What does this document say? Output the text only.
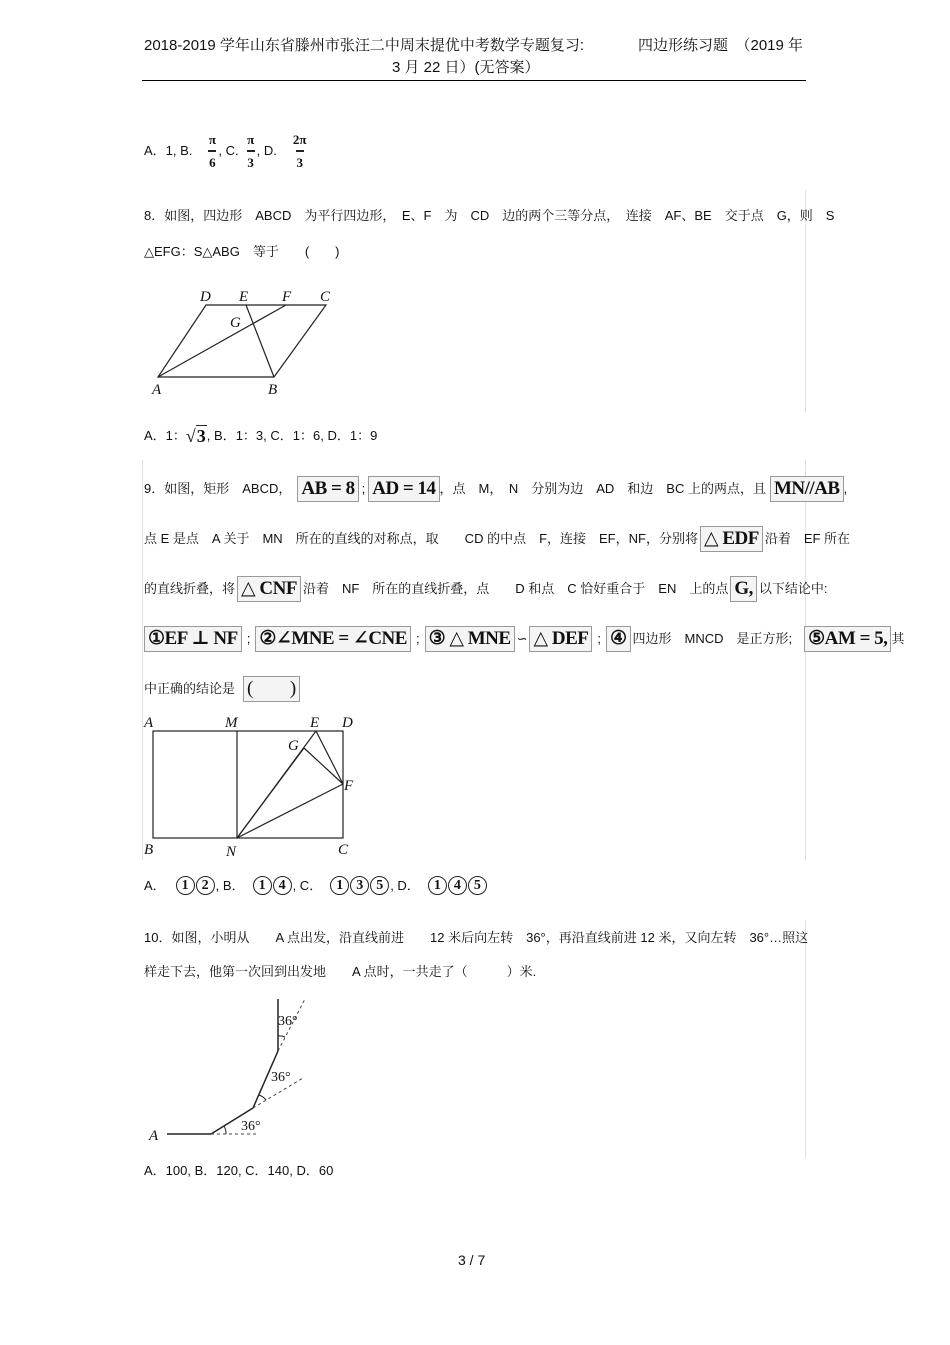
2018-2019 学年山东省滕州市张汪二中周末提优中考数学专题复习:	四边形练习题　（2019 年
3 月 22 日）(无答案）
A．1, B. $\frac{\pi}{6}$ , C. $\frac{\pi}{3}$ , D. $\frac{2\pi}{3}$
8．如图，四边形　ABCD　为平行四边形，　E、F　为　CD　边的两个三等分点，　连接　AF、BE　交于点　G，则　S
△EFG：S△ABG　等于　　(　　)
D E F C
G
A	B
A．1： √3 , B．1：3, C．1：6, D．1：9
9．如图，矩形　ABCD， AB = 8 ; AD = 14 ，点　M，　N　分别为边　AD　和边　BC 上的两点，且 MN//AB ,
点 E 是点　A 关于　MN　所在的直线的对称点，取　　CD 的中点　F，连接　EF，NF，分别将 △ EDF 沿着　EF 所在
的直线折叠，将 △ CNF 沿着　NF　所在的直线折叠，点　　D 和点　C 恰好重合于　EN　上的点 G, 以下结论中:
①EF ⊥ NF ; ②∠MNE = ∠CNE ; ③ △ MNE ∽ △ DEF ; ④ 四边形　MNCD　是正方形; ⑤AM = 5, 其
中正确的结论是 (　　)
A	M	E D
G
F
B	N	C
A．	1 2 , B．	1 4 , C．	1 3 5 , D．	1 4 5
10．如图，小明从　　A 点出发，沿直线前进　　12 米后向左转　36°，再沿直线前进 12 米，又向左转　36°…照这
样走下去，他第一次回到出发地　　A 点时，一共走了（　　　）米.
A
36°
36°
36°
A．100, B．120, C．140, D．60
3 / 7
